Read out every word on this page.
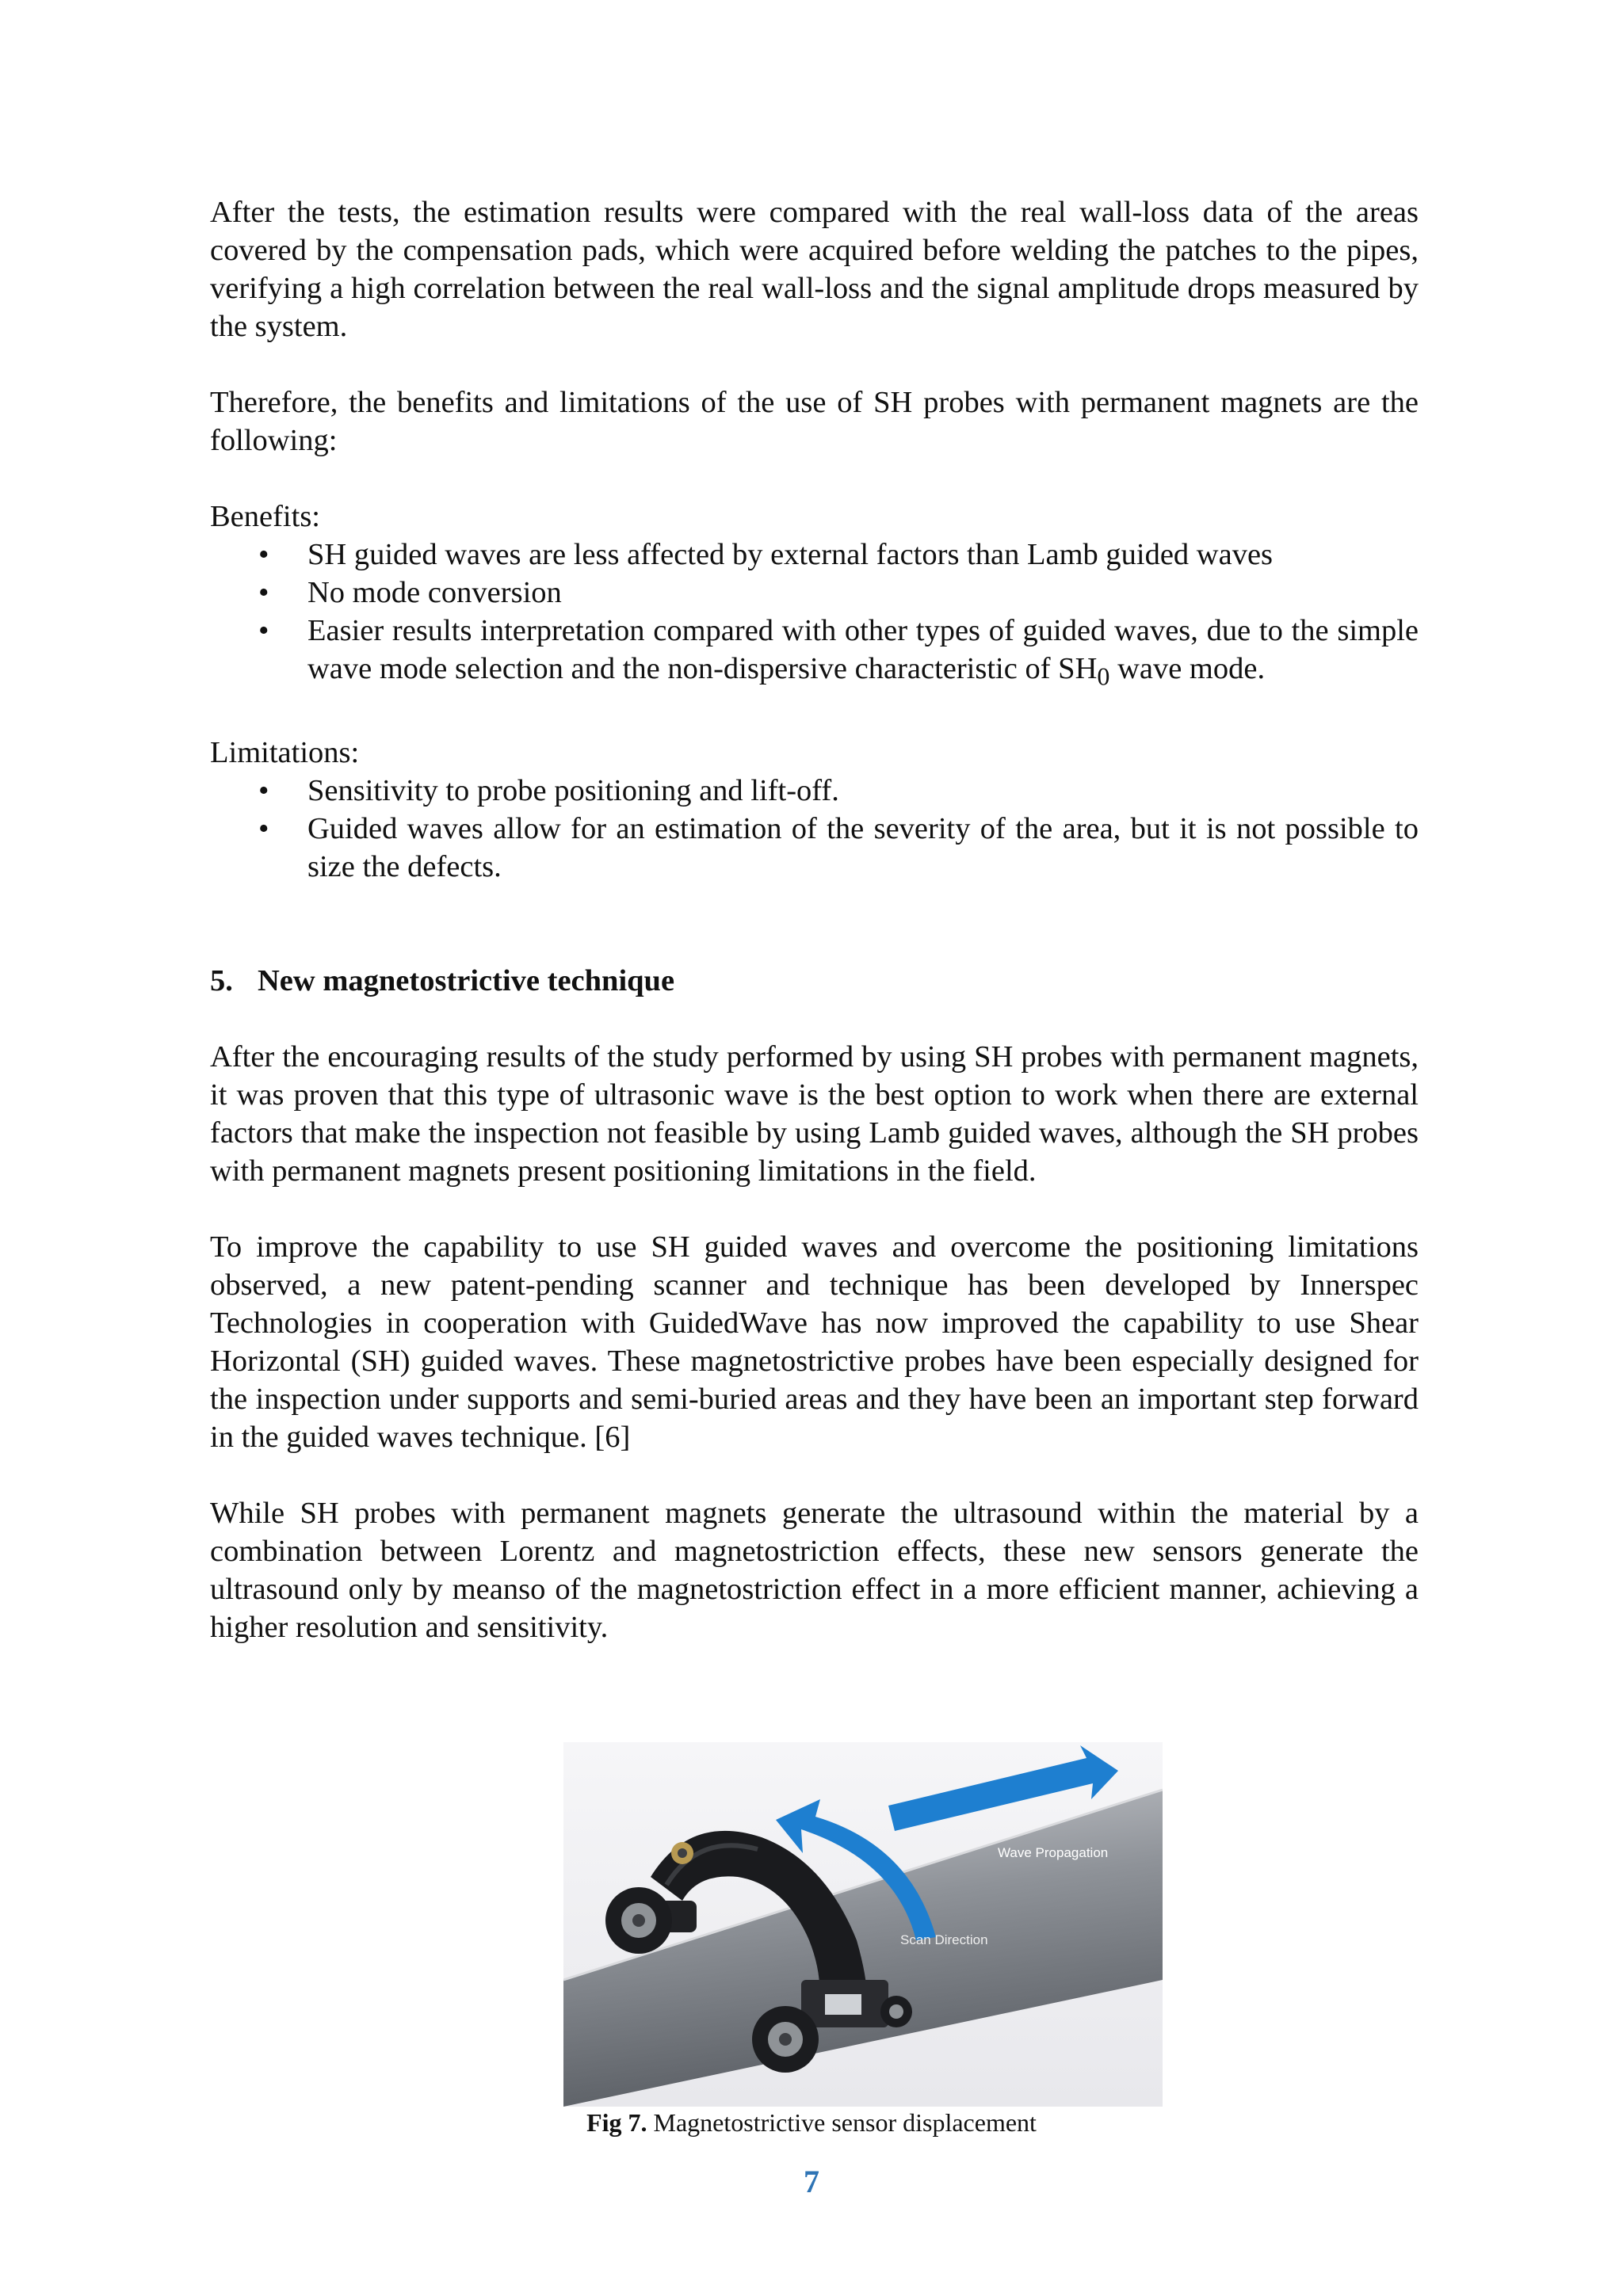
After the tests, the estimation results were compared with the real wall-loss data of the areas covered by the compensation pads, which were acquired before welding the patches to the pipes, verifying a high correlation between the real wall-loss and the signal amplitude drops measured by the system.

Therefore, the benefits and limitations of the use of SH probes with permanent magnets are the following:

Benefits:

• SH guided waves are less affected by external factors than Lamb guided waves
• No mode conversion
• Easier results interpretation compared with other types of guided waves, due to the simple wave mode selection and the non-dispersive characteristic of $SH_0$ wave mode.

Limitations:

• Sensitivity to probe positioning and lift-off.
• Guided waves allow for an estimation of the severity of the area, but it is not possible to size the defects.
5. New magnetostrictive technique

After the encouraging results of the study performed by using SH probes with permanent magnets, it was proven that this type of ultrasonic wave is the best option to work when there are external factors that make the inspection not feasible by using Lamb guided waves, although the SH probes with permanent magnets present positioning limitations in the field.

To improve the capability to use SH guided waves and overcome the positioning limitations observed, a new patent-pending scanner and technique has been developed by Innerspec Technologies in cooperation with GuidedWave has now improved the capability to use Shear Horizontal (SH) guided waves. These magnetostrictive probes have been especially designed for the inspection under supports and semi-buried areas and they have been an important step forward in the guided waves technique. [6]

While SH probes with permanent magnets generate the ultrasound within the material by a combination between Lorentz and magnetostriction effects, these new sensors generate the ultrasound only by meanso of the magnetostriction effect in a more efficient manner, achieving a higher resolution and sensitivity.

Wave Propagation
Scan Direction
Fig 7. Magnetostrictive sensor displacement
7
